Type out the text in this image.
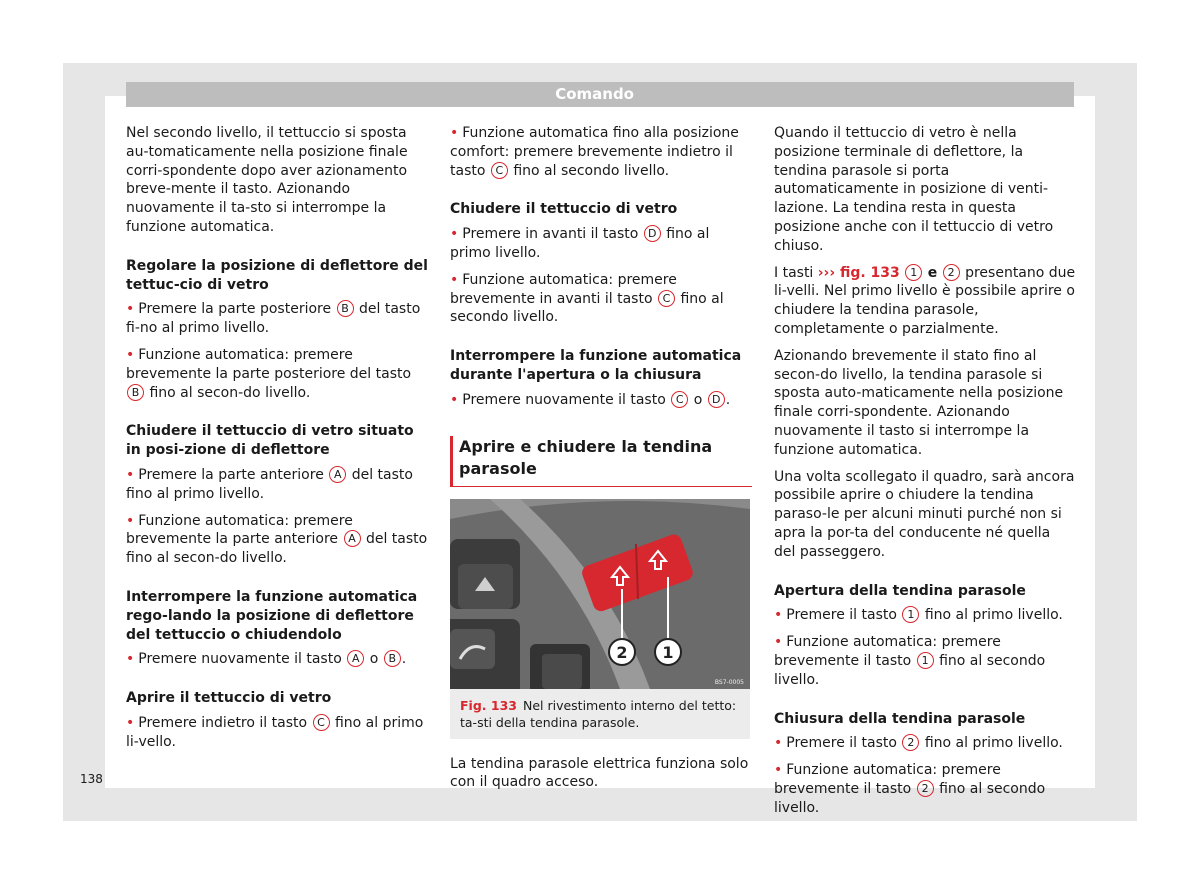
Comando

Nel secondo livello, il tettuccio si sposta au-tomaticamente nella posizione finale corri-spondente dopo aver azionamento breve-mente il tasto. Azionando nuovamente il ta-sto si interrompe la funzione automatica.

Regolare la posizione di deflettore del tettuc-cio di vetro

• Premere la parte posteriore B del tasto fi-no al primo livello.

• Funzione automatica: premere brevemente la parte posteriore del tasto B fino al secon-do livello.

Chiudere il tettuccio di vetro situato in posi-zione di deflettore

• Premere la parte anteriore A del tasto fino al primo livello.

• Funzione automatica: premere brevemente la parte anteriore A del tasto fino al secon-do livello.

Interrompere la funzione automatica rego-lando la posizione di deflettore del tettuccio o chiudendolo

• Premere nuovamente il tasto A o B .

Aprire il tettuccio di vetro

• Premere indietro il tasto C fino al primo li-vello.

• Funzione automatica fino alla posizione comfort: premere brevemente indietro il tasto C fino al secondo livello.

Chiudere il tettuccio di vetro

• Premere in avanti il tasto D fino al primo livello.

• Funzione automatica: premere brevemente in avanti il tasto C fino al secondo livello.

Interrompere la funzione automatica durante l'apertura o la chiusura

• Premere nuovamente il tasto C o D .

Aprire e chiudere la tendina parasole
2 1
BS7-0005
Fig. 133 Nel rivestimento interno del tetto: ta-sti della tendina parasole.

La tendina parasole elettrica funziona solo con il quadro acceso.

Quando il tettuccio di vetro è nella posizione terminale di deflettore, la tendina parasole si porta automaticamente in posizione di venti-lazione. La tendina resta in questa posizione anche con il tettuccio di vetro chiuso.

I tasti ››› fig. 133 1 e 2 presentano due li-velli. Nel primo livello è possibile aprire o chiudere la tendina parasole, completamente o parzialmente.

Azionando brevemente il stato fino al secon-do livello, la tendina parasole si sposta auto-maticamente nella posizione finale corri-spondente. Azionando nuovamente il tasto si interrompe la funzione automatica.

Una volta scollegato il quadro, sarà ancora possibile aprire o chiudere la tendina paraso-le per alcuni minuti purché non si apra la por-ta del conducente né quella del passeggero.

Apertura della tendina parasole

• Premere il tasto 1 fino al primo livello.

• Funzione automatica: premere brevemente il tasto 1 fino al secondo livello.

Chiusura della tendina parasole

• Premere il tasto 2 fino al primo livello.

• Funzione automatica: premere brevemente il tasto 2 fino al secondo livello.

138
